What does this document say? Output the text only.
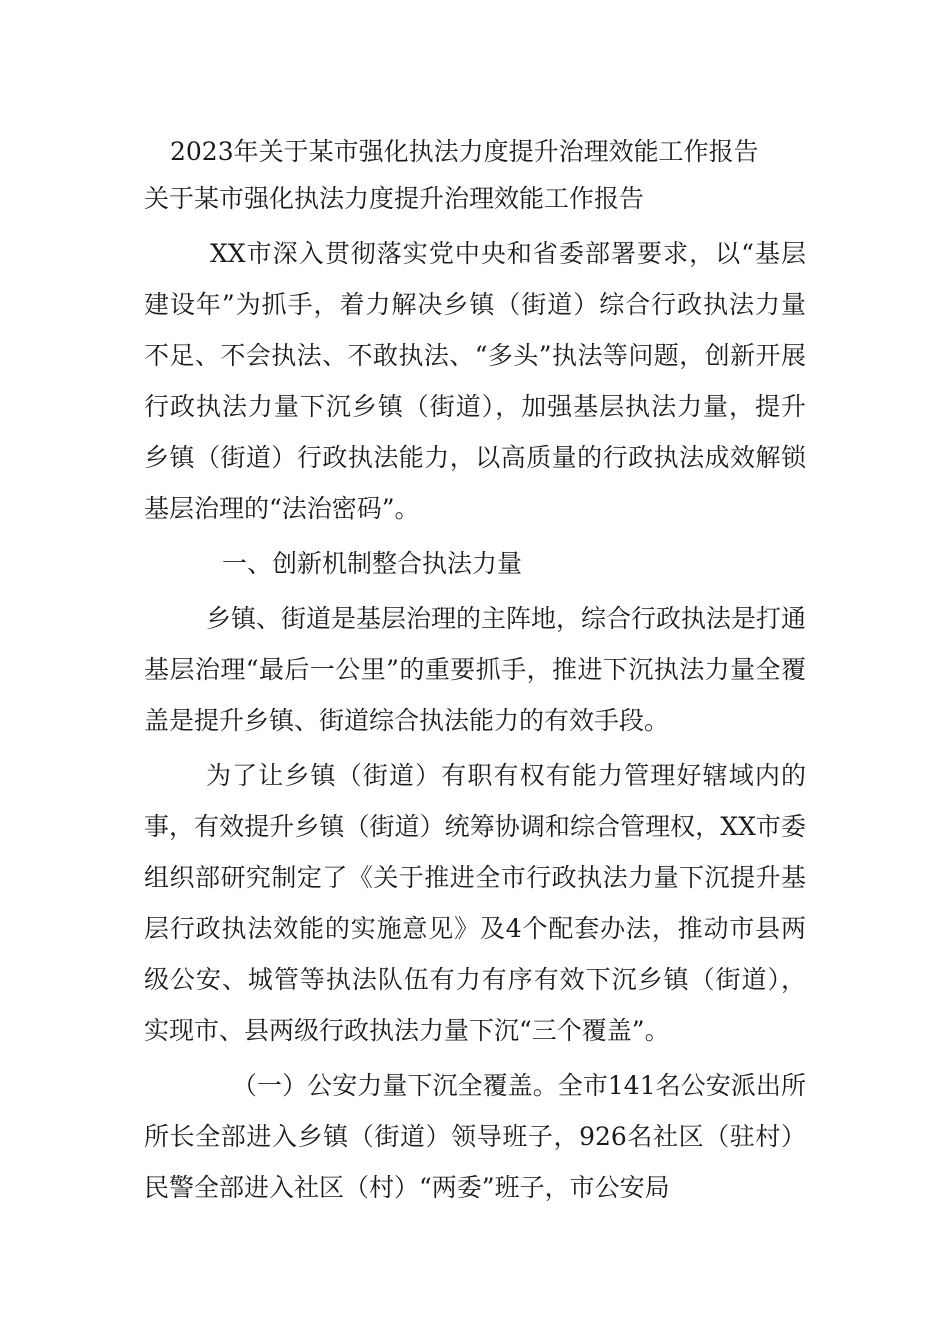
2023年关于某市强化执法力度提升治理效能工作报告
关于某市强化执法力度提升治理效能工作报告

XX市深入贯彻落实党中央和省委部署要求，以“基层建设年”为抓手，着力解决乡镇（街道）综合行政执法力量不足、不会执法、不敢执法、“多头”执法等问题，创新开展行政执法力量下沉乡镇（街道），加强基层执法力量，提升乡镇（街道）行政执法能力，以高质量的行政执法成效解锁基层治理的“法治密码”。

一、创新机制整合执法力量

乡镇、街道是基层治理的主阵地，综合行政执法是打通基层治理“最后一公里”的重要抓手，推进下沉执法力量全覆盖是提升乡镇、街道综合执法能力的有效手段。

为了让乡镇（街道）有职有权有能力管理好辖域内的事，有效提升乡镇（街道）统筹协调和综合管理权，XX市委组织部研究制定了《关于推进全市行政执法力量下沉提升基层行政执法效能的实施意见》及4个配套办法，推动市县两级公安、城管等执法队伍有力有序有效下沉乡镇（街道），实现市、县两级行政执法力量下沉“三个覆盖”。

（一）公安力量下沉全覆盖。全市141名公安派出所所长全部进入乡镇（街道）领导班子，926名社区（驻村）民警全部进入社区（村）“两委”班子，市公安局
